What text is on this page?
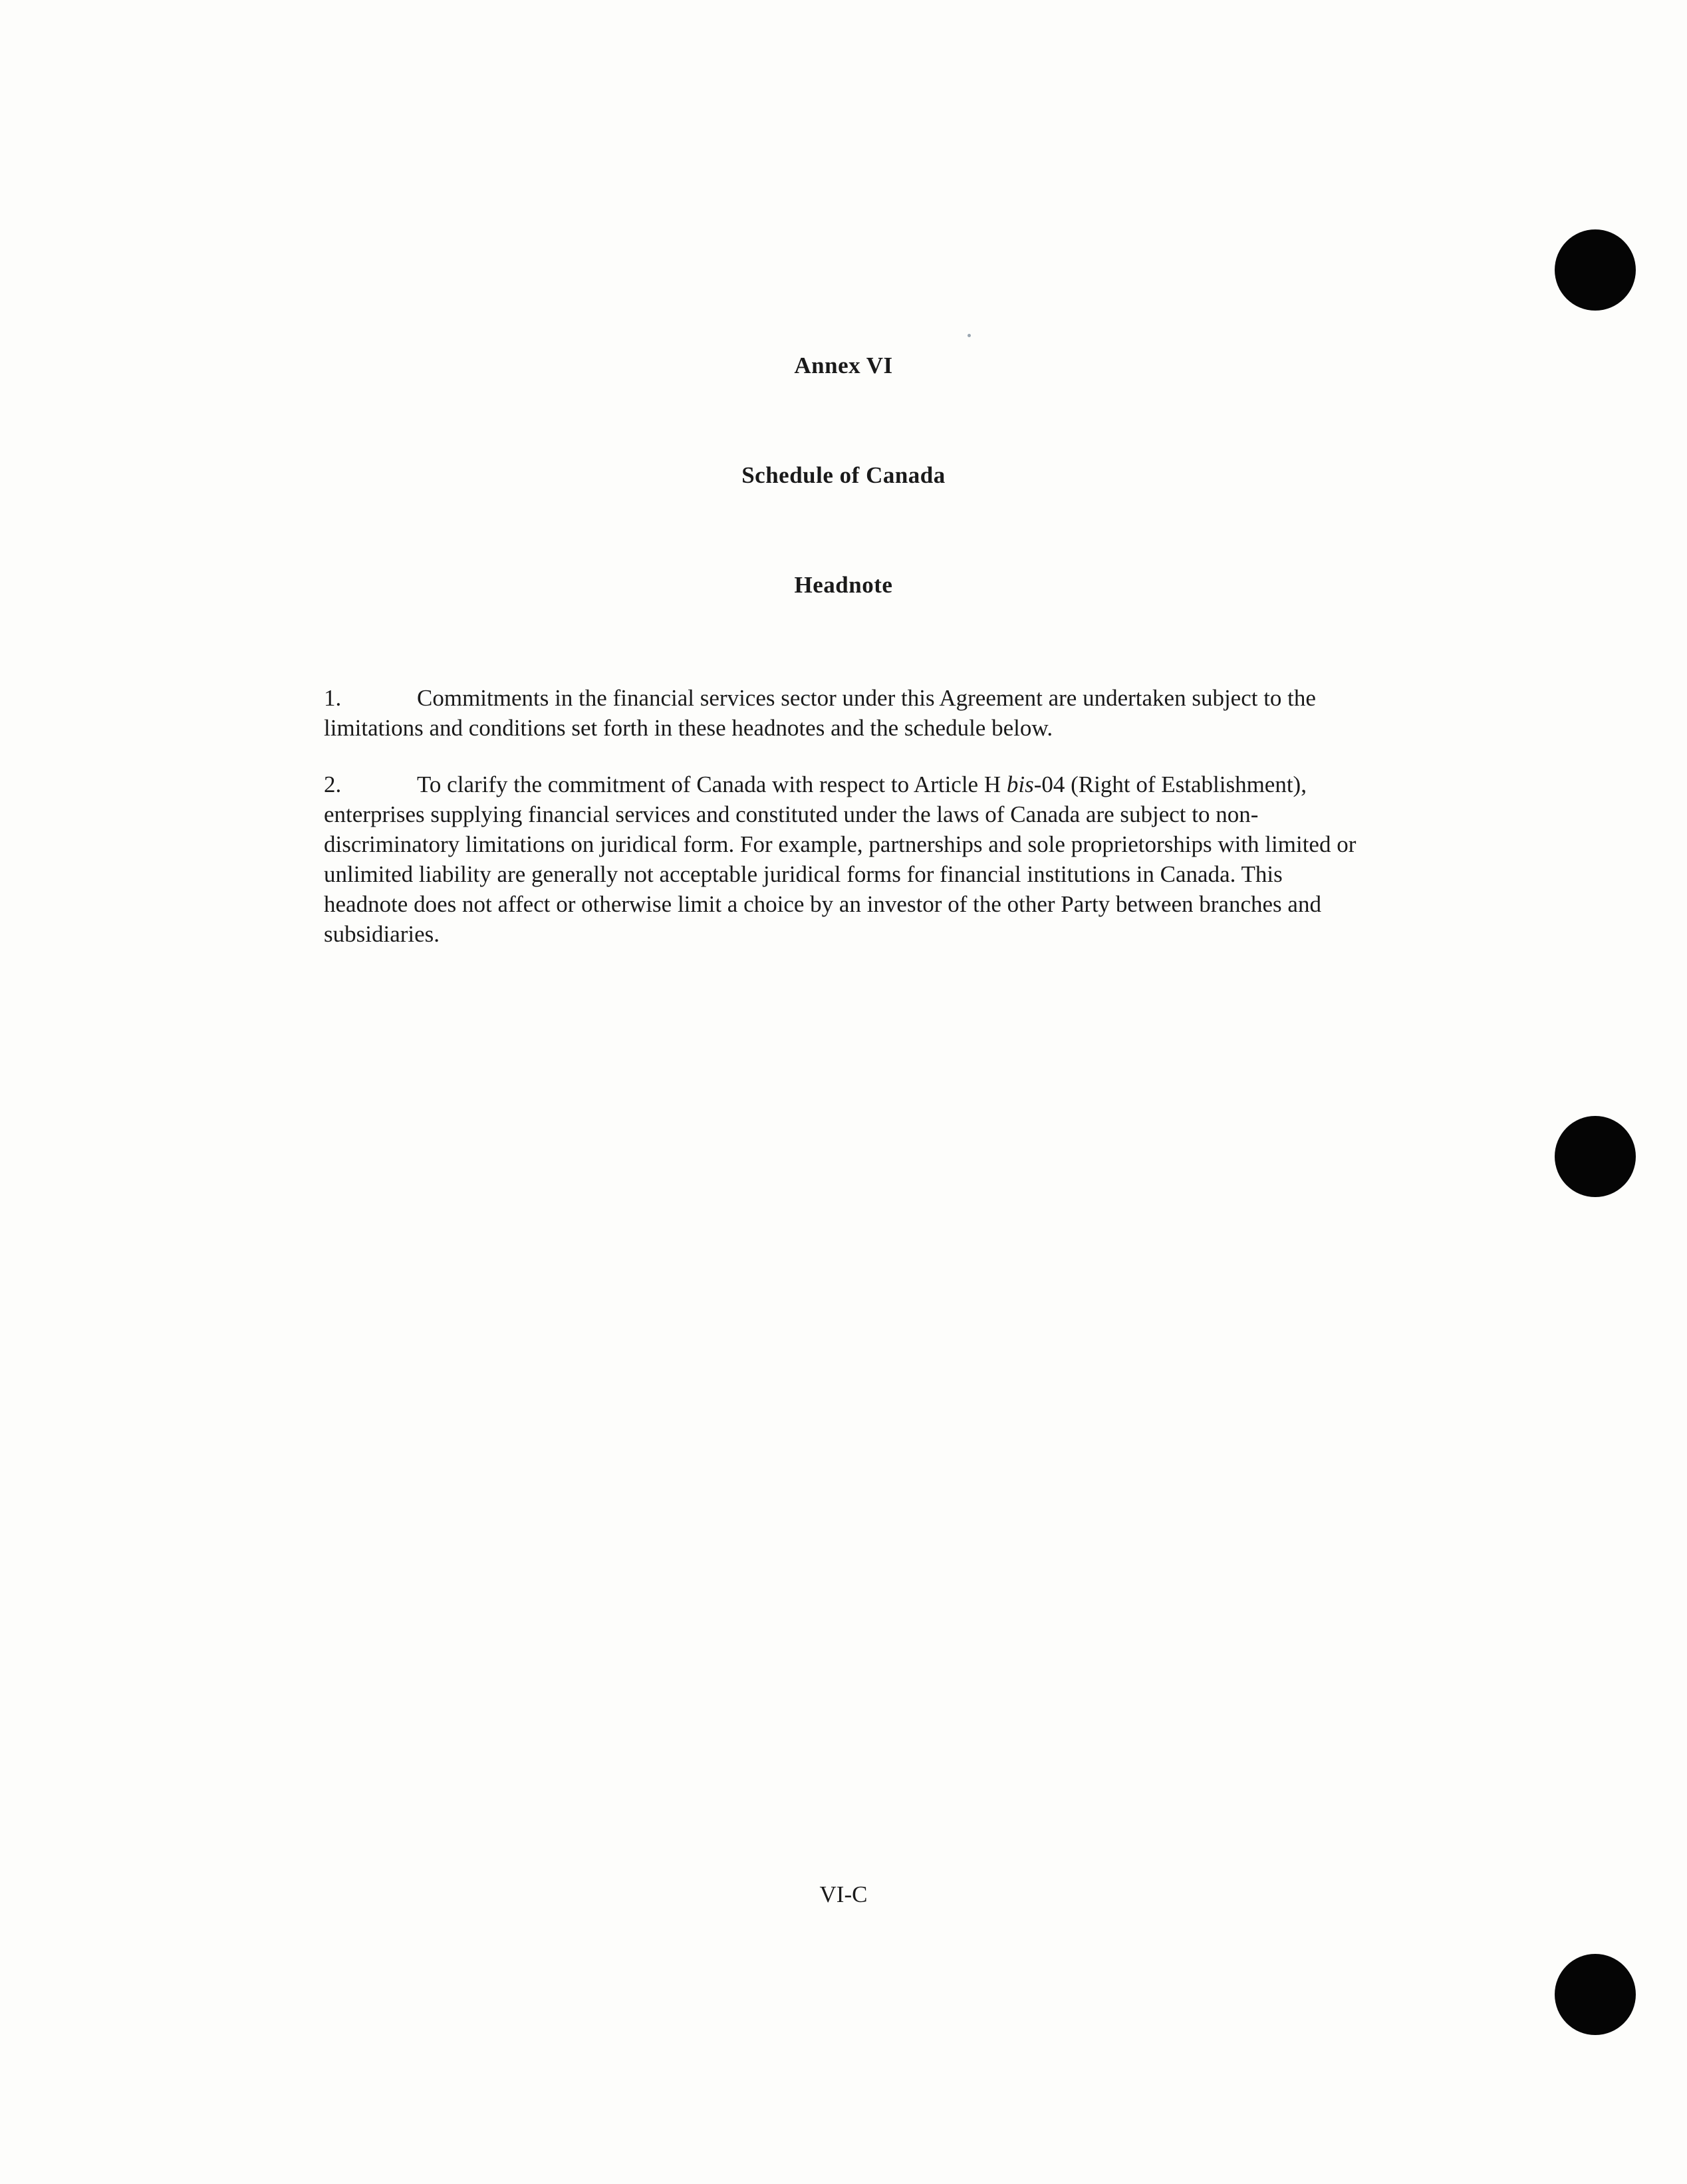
Annex VI
Schedule of Canada
Headnote

1.	Commitments in the financial services sector under this Agreement are undertaken subject to the limitations and conditions set forth in these headnotes and the schedule below.

2.	To clarify the commitment of Canada with respect to Article H bis-04 (Right of Establishment), enterprises supplying financial services and constituted under the laws of Canada are subject to non-discriminatory limitations on juridical form. For example, partnerships and sole proprietorships with limited or unlimited liability are generally not acceptable juridical forms for financial institutions in Canada. This headnote does not affect or otherwise limit a choice by an investor of the other Party between branches and subsidiaries.

VI-C
